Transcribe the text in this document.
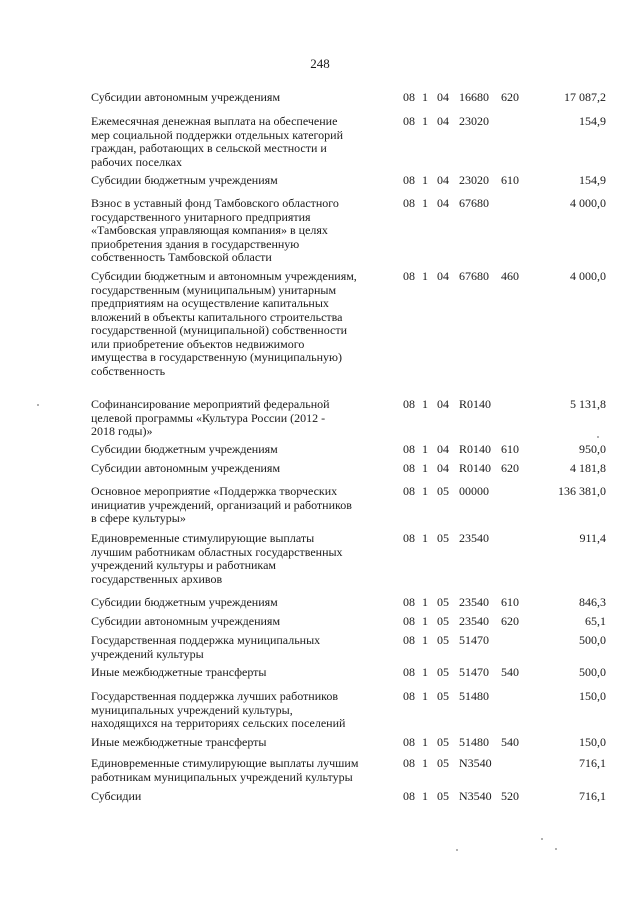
248
Субсидии автономным учреждениям	08 1 04 16680 620	17 087,2
Ежемесячная денежная выплата на обеспечение
мер социальной поддержки отдельных категорий
граждан, работающих в сельской местности и
рабочих поселках
08 1 04 23020	154,9
Субсидии бюджетным учреждениям	08 1 04 23020 610	154,9
Взнос в уставный фонд Тамбовского областного
государственного унитарного предприятия
«Тамбовская управляющая компания» в целях
приобретения здания в государственную
собственность Тамбовской области
08 1 04 67680	4 000,0
Субсидии бюджетным и автономным учреждениям,
государственным (муниципальным) унитарным
предприятиям на осуществление капитальных
вложений в объекты капитального строительства
государственной (муниципальной) собственности
или приобретение объектов недвижимого
имущества в государственную (муниципальную)
собственность
08 1 04 67680 460	4 000,0
Софинансирование мероприятий федеральной
целевой программы «Культура России (2012 -
2018 годы)»
08 1 04 R0140	5 131,8
Субсидии бюджетным учреждениям	08 1 04 R0140 610	950,0
Субсидии автономным учреждениям	08 1 04 R0140 620	4 181,8
Основное мероприятие «Поддержка творческих
инициатив учреждений, организаций и работников
в сфере культуры»
08 1 05 00000	136 381,0
Единовременные стимулирующие выплаты
лучшим работникам областных государственных
учреждений культуры и работникам
государственных архивов
08 1 05 23540	911,4
Субсидии бюджетным учреждениям	08 1 05 23540 610	846,3
Субсидии автономным учреждениям	08 1 05 23540 620	65,1
Государственная поддержка муниципальных
учреждений культуры
08 1 05 51470	500,0
Иные межбюджетные трансферты	08 1 05 51470 540	500,0
Государственная поддержка лучших работников
муниципальных учреждений культуры,
находящихся на территориях сельских поселений
08 1 05 51480	150,0
Иные межбюджетные трансферты	08 1 05 51480 540	150,0
Единовременные стимулирующие выплаты лучшим
работникам муниципальных учреждений культуры
08 1 05 N3540	716,1
Субсидии	08 1 05 N3540 520	716,1
